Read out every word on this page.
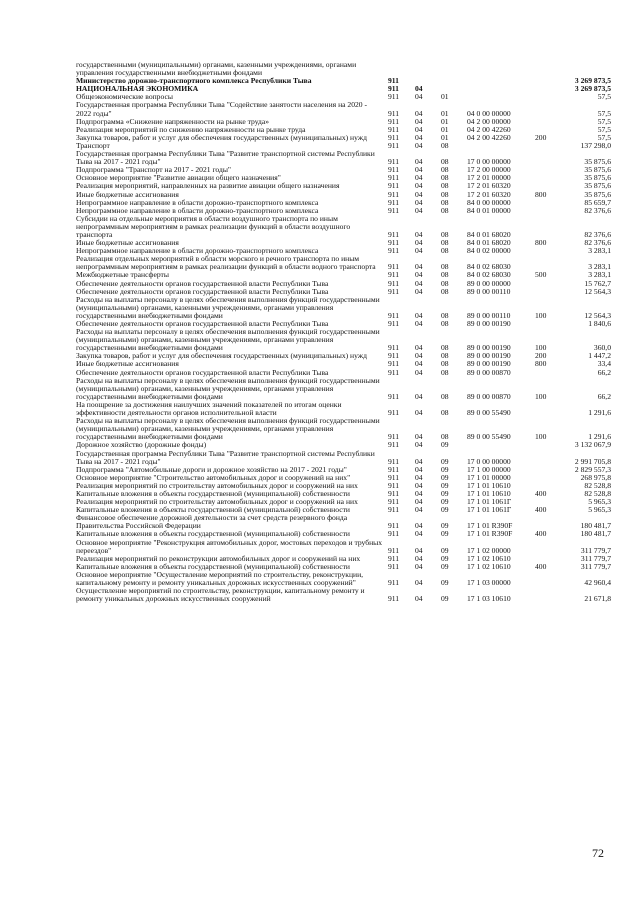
государственными (муниципальными) органами, казенными учреждениями, органами управления государственными внебюджетными фондами						
Министерство дорожно-транспортного комплекса Республики Тыва	911					3 269 873,5
НАЦИОНАЛЬНАЯ ЭКОНОМИКА	911	04				3 269 873,5
Общеэкономические вопросы	911	04	01			57,5
Государственная программа Республики Тыва "Содействие занятости населения на 2020 - 2022 годы"	911	04	01	04 0 00 00000		57,5
Подпрограмма «Снижение напряженности на рынке труда»	911	04	01	04 2 00 00000		57,5
Реализация мероприятий по снижению напряженности на рынке труда	911	04	01	04 2 00 42260		57,5
Закупка товаров, работ и услуг для обеспечения государственных (муниципальных) нужд	911	04	01	04 2 00 42260	200	57,5
Транспорт	911	04	08			137 298,0
Государственная программа Республики Тыва "Развитие транспортной системы Республики Тыва на 2017 - 2021 годы"	911	04	08	17 0 00 00000		35 875,6
Подпрограмма "Транспорт на 2017 - 2021 годы"	911	04	08	17 2 00 00000		35 875,6
Основное мероприятие "Развитие авиации общего назначения"	911	04	08	17 2 01 00000		35 875,6
Реализация мероприятий, направленных на развитие авиации общего назначения	911	04	08	17 2 01 60320		35 875,6
Иные бюджетные ассигнования	911	04	08	17 2 01 60320	800	35 875,6
Непрограммное направление в области дорожно-транспортного комплекса	911	04	08	84 0 00 00000		85 659,7
Непрограммное направление в области дорожно-транспортного комплекса	911	04	08	84 0 01 00000		82 376,6
Субсидии на отдельные мероприятия в области воздушного транспорта по иным непрограммным мероприятиям в рамках реализации функций в области воздушного транспорта	911	04	08	84 0 01 68020		82 376,6
Иные бюджетные ассигнования	911	04	08	84 0 01 68020	800	82 376,6
Непрограммное направление в области дорожно-транспортного комплекса	911	04	08	84 0 02 00000		3 283,1
Реализация отдельных мероприятий в области морского и речного транспорта по иным непрограммным мероприятиям в рамках реализации функций в области водного транспорта	911	04	08	84 0 02 68030		3 283,1
Межбюджетные трансферты	911	04	08	84 0 02 68030	500	3 283,1
Обеспечение деятельности органов государственной власти Республики Тыва	911	04	08	89 0 00 00000		15 762,7
Обеспечение деятельности органов государственной власти Республики Тыва	911	04	08	89 0 00 00110		12 564,3
Расходы на выплаты персоналу в целях обеспечения выполнения функций государственными (муниципальными) органами, казенными учреждениями, органами управления государственными внебюджетными фондами	911	04	08	89 0 00 00110	100	12 564,3
Обеспечение деятельности органов государственной власти Республики Тыва	911	04	08	89 0 00 00190		1 840,6
Расходы на выплаты персоналу в целях обеспечения выполнения функций государственными (муниципальными) органами, казенными учреждениями, органами управления государственными внебюджетными фондами	911	04	08	89 0 00 00190	100	360,0
Закупка товаров, работ и услуг для обеспечения государственных (муниципальных) нужд	911	04	08	89 0 00 00190	200	1 447,2
Иные бюджетные ассигнования	911	04	08	89 0 00 00190	800	33,4
Обеспечение деятельности органов государственной власти Республики Тыва	911	04	08	89 0 00 00870		66,2
Расходы на выплаты персоналу в целях обеспечения выполнения функций государственными (муниципальными) органами, казенными учреждениями, органами управления государственными внебюджетными фондами	911	04	08	89 0 00 00870	100	66,2
На поощрение за достижения наилучших значений показателей по итогам оценки эффективности деятельности органов исполнительной власти	911	04	08	89 0 00 55490		1 291,6
Расходы на выплаты персоналу в целях обеспечения выполнения функций государственными (муниципальными) органами, казенными учреждениями, органами управления государственными внебюджетными фондами	911	04	08	89 0 00 55490	100	1 291,6
Дорожное хозяйство (дорожные фонды)	911	04	09			3 132 067,9
Государственная программа Республики Тыва "Развитие транспортной системы Республики Тыва на 2017 - 2021 годы"	911	04	09	17 0 00 00000		2 991 705,8
Подпрограмма "Автомобильные дороги и дорожное хозяйство на 2017 - 2021 годы"	911	04	09	17 1 00 00000		2 829 557,3
Основное мероприятие "Строительство автомобильных дорог и сооружений на них"	911	04	09	17 1 01 00000		268 975,8
Реализация мероприятий по строительству автомобильных дорог и сооружений на них	911	04	09	17 1 01 10610		82 528,8
Капитальные вложения в объекты государственной (муниципальной) собственности	911	04	09	17 1 01 10610	400	82 528,8
Реализация мероприятий по строительству автомобильных дорог и сооружений на них	911	04	09	17 1 01 1061Г		5 965,3
Капитальные вложения в объекты государственной (муниципальной) собственности	911	04	09	17 1 01 1061Г	400	5 965,3
Финансовое обеспечение дорожной деятельности за счет средств резервного фонда Правительства Российской Федерации	911	04	09	17 1 01 R390F		180 481,7
Капитальные вложения в объекты государственной (муниципальной) собственности	911	04	09	17 1 01 R390F	400	180 481,7
Основное мероприятие "Реконструкция автомобильных дорог, мостовых переходов и трубных переездов"	911	04	09	17 1 02 00000		311 779,7
Реализация мероприятий по реконструкции автомобильных дорог и сооружений на них	911	04	09	17 1 02 10610		311 779,7
Капитальные вложения в объекты государственной (муниципальной) собственности	911	04	09	17 1 02 10610	400	311 779,7
Основное мероприятие "Осуществление мероприятий по строительству, реконструкции, капитальному ремонту и ремонту уникальных дорожных искусственных сооружений"	911	04	09	17 1 03 00000		42 960,4
Осуществление мероприятий по строительству, реконструкции, капитальному ремонту и ремонту уникальных дорожных искусственных сооружений	911	04	09	17 1 03 10610		21 671,8
72
